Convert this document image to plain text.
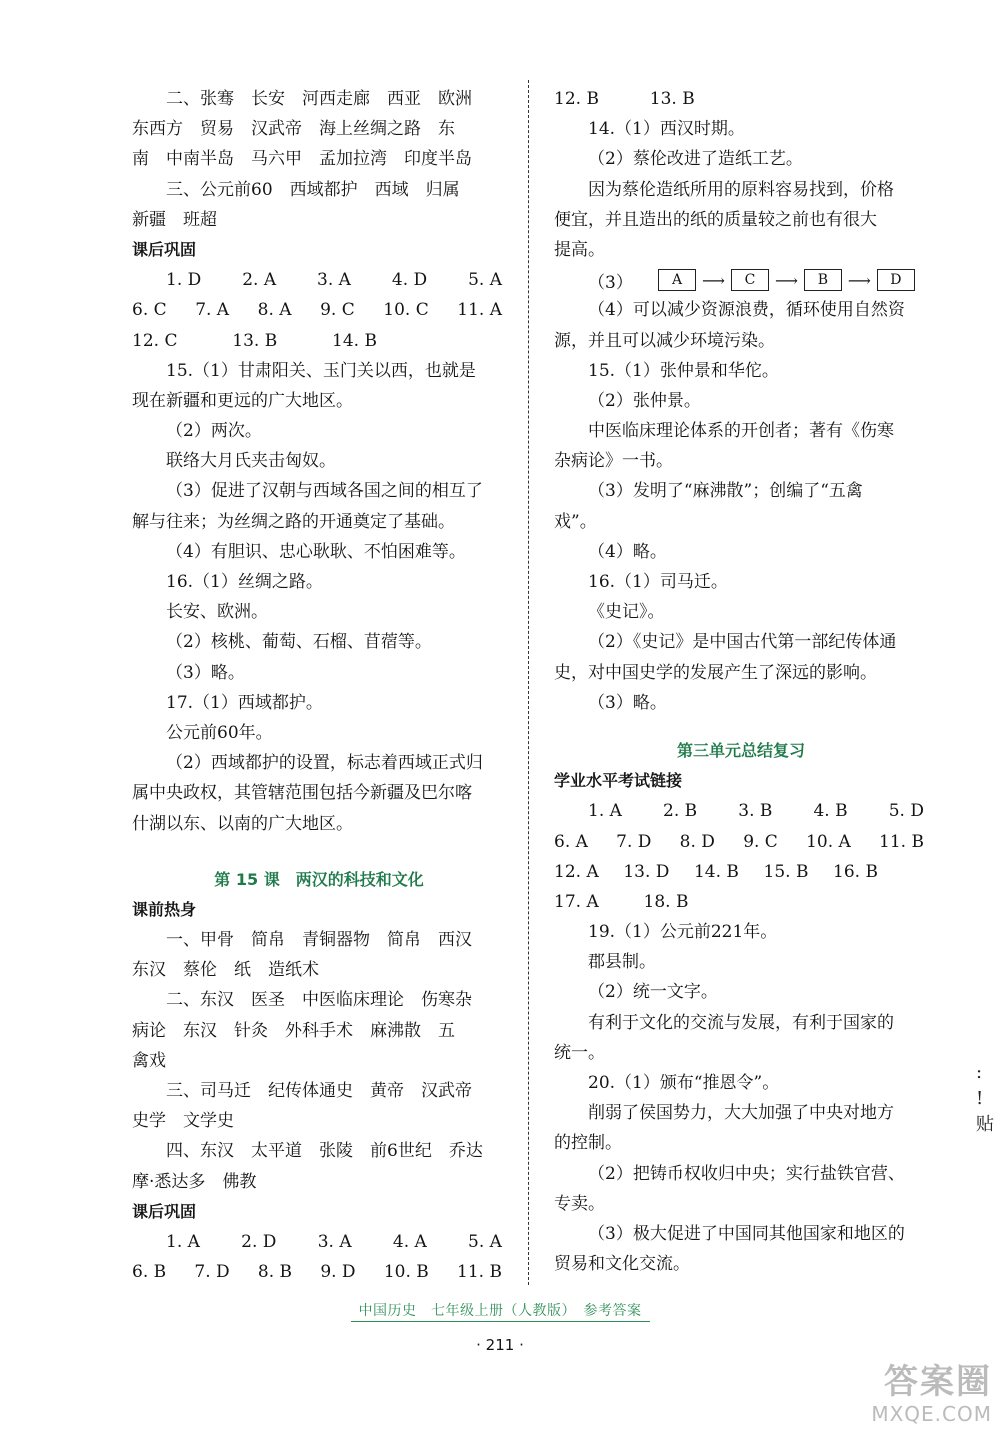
二、张骞　长安　河西走廊　西亚　欧洲
东西方　贸易　汉武帝　海上丝绸之路　东
南　中南半岛　马六甲　孟加拉湾　印度半岛
三、公元前60　西域都护　西域　归属
新疆　班超
课后巩固
1. D 2. A 3. A 4. D 5. A
6. C 7. A 8. A 9. C 10. C 11. A
12. C	13. B	14. B
15.（1）甘肃阳关、玉门关以西，也就是
现在新疆和更远的广大地区。
（2）两次。
联络大月氏夹击匈奴。
（3）促进了汉朝与西域各国之间的相互了
解与往来；为丝绸之路的开通奠定了基础。
（4）有胆识、忠心耿耿、不怕困难等。
16.（1）丝绸之路。
长安、欧洲。
（2）核桃、葡萄、石榴、苜蓿等。
（3）略。
17.（1）西域都护。
公元前60年。
（2）西域都护的设置，标志着西域正式归
属中央政权，其管辖范围包括今新疆及巴尔喀
什湖以东、以南的广大地区。
第 15 课　两汉的科技和文化
课前热身
一、甲骨　简帛　青铜器物　简帛　西汉
东汉　蔡伦　纸　造纸术
二、东汉　医圣　中医临床理论　伤寒杂
病论　东汉　针灸　外科手术　麻沸散　五
禽戏
三、司马迁　纪传体通史　黄帝　汉武帝
史学　文学史
四、东汉　太平道　张陵　前6世纪　乔达
摩·悉达多　佛教
课后巩固
1. A 2. D 3. A 4. A 5. A
6. B 7. D 8. B 9. D 10. B 11. B
12. B	13. B
14.（1）西汉时期。
（2）蔡伦改进了造纸工艺。
因为蔡伦造纸所用的原料容易找到，价格
便宜，并且造出的纸的质量较之前也有很大
提高。
（3）	A	⟶	C	⟶	B	⟶	D
（4）可以减少资源浪费，循环使用自然资
源，并且可以减少环境污染。
15.（1）张仲景和华佗。
（2）张仲景。
中医临床理论体系的开创者；著有《伤寒
杂病论》一书。
（3）发明了“麻沸散”；创编了“五禽
戏”。
（4）略。
16.（1）司马迁。
《史记》。
（2）《史记》是中国古代第一部纪传体通
史，对中国史学的发展产生了深远的影响。
（3）略。
第三单元总结复习
学业水平考试链接
1. A 2. B 3. B 4. B 5. D
6. A 7. D 8. D 9. C 10. A 11. B
12. A 13. D 14. B 15. B 16. B
17. A	18. B
19.（1）公元前221年。
郡县制。
（2）统一文字。
有利于文化的交流与发展，有利于国家的
统一。
20.（1）颁布“推恩令”。
削弱了侯国势力，大大加强了中央对地方
的控制。
（2）把铸币权收归中央；实行盐铁官营、
专卖。
（3）极大促进了中国同其他国家和地区的
贸易和文化交流。
:
!
贴
中国历史　七年级上册（人教版）　参考答案
· 211 ·
答案圈
MXQE.COM
